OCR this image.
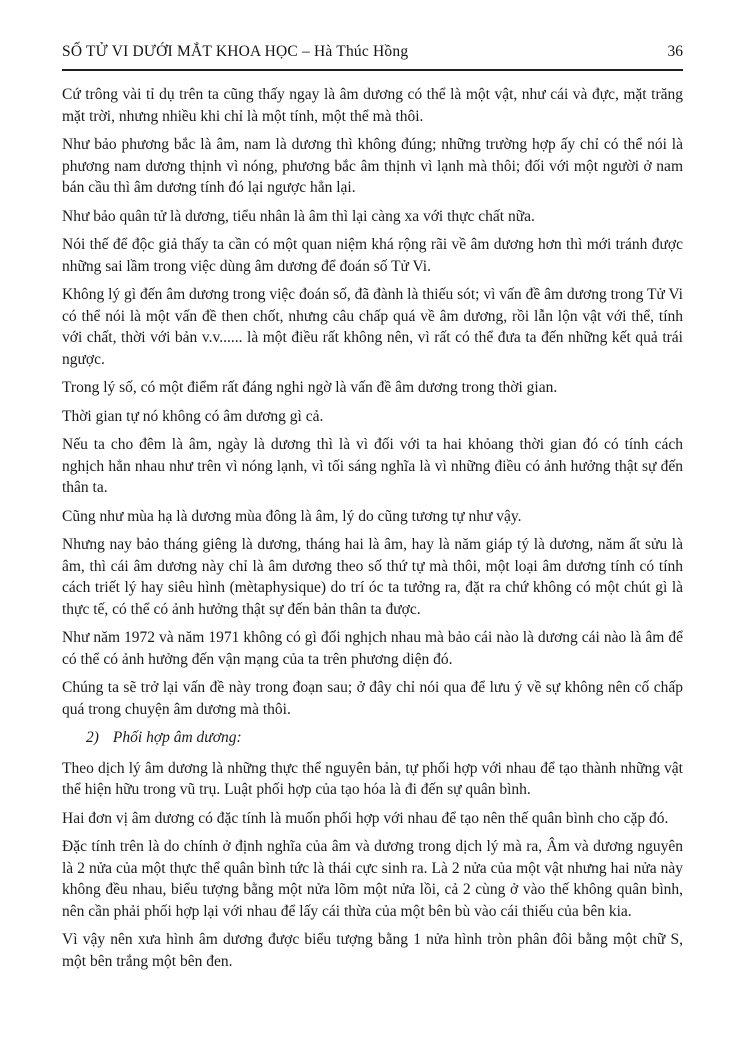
SỐ TỬ VI DƯỚI MẮT KHOA HỌC – Hà Thúc Hồng	36

Cứ trông vài tỉ dụ trên ta cũng thấy ngay là âm dương có thể là một vật, như cái và đực, mặt trăng mặt trời, nhưng nhiều khi chỉ là một tính, một thể mà thôi.

Như bảo phương bắc là âm, nam là dương thì không đúng; những trường hợp ấy chỉ có thể nói là phương nam dương thịnh vì nóng, phương bắc âm thịnh vì lạnh mà thôi; đối với một người ở nam bán cầu thì âm dương tính đó lại ngược hẳn lại.

Như bảo quân tử là dương, tiểu nhân là âm thì lại càng xa với thực chất nữa.

Nói thế để độc giả thấy ta cần có một quan niệm khá rộng rãi về âm dương hơn thì mới tránh được những sai lầm trong việc dùng âm dương để đoán số Tử Vi.

Không lý gì đến âm dương trong việc đoán số, đã đành là thiếu sót; vì vấn đề âm dương trong Tử Vi có thể nói là một vấn đề then chốt, nhưng câu chấp quá về âm dương, rồi lẫn lộn vật với thể, tính với chất, thời với bản v.v...... là một điều rất không nên, vì rất có thể đưa ta đến những kết quả trái ngược.

Trong lý số, có một điểm rất đáng nghi ngờ là vấn đề âm dương trong thời gian.

Thời gian tự nó không có âm dương gì cả.

Nếu ta cho đêm là âm, ngày là dương thì là vì đối với ta hai khỏang thời gian đó có tính cách nghịch hẳn nhau như trên vì nóng lạnh, vì tối sáng nghĩa là vì những điều có ảnh hưởng thật sự đến thân ta.

Cũng như mùa hạ là dương mùa đông là âm, lý do cũng tương tự như vậy.

Nhưng nay bảo tháng giêng là dương, tháng hai là âm, hay là năm giáp tý là dương, năm ất sửu là âm, thì cái âm dương này chỉ là âm dương theo số thứ tự mà thôi, một loại âm dương tính có tính cách triết lý hay siêu hình (mètaphysique) do trí óc ta tưởng ra, đặt ra chứ không có một chút gì là thực tế, có thể có ảnh hưởng thật sự đến bản thân ta được.

Như năm 1972 và năm 1971 không có gì đối nghịch nhau mà bảo cái nào là dương cái nào là âm để có thể có ảnh hưởng đến vận mạng của ta trên phương diện đó.

Chúng ta sẽ trở lại vấn đề này trong đoạn sau; ở đây chỉ nói qua để lưu ý về sự không nên cố chấp quá trong chuyện âm dương mà thôi.

2) Phối hợp âm dương:

Theo dịch lý âm dương là những thực thể nguyên bản, tự phối hợp với nhau để tạo thành những vật thể hiện hữu trong vũ trụ. Luật phối hợp của tạo hóa là đi đến sự quân bình.

Hai đơn vị âm dương có đặc tính là muốn phối hợp với nhau để tạo nên thế quân bình cho cặp đó.

Đặc tính trên là do chính ở định nghĩa của âm và dương trong dịch lý mà ra, Âm và dương nguyên là 2 nửa của một thực thể quân bình tức là thái cực sinh ra. Là 2 nửa của một vật nhưng hai nửa này không đều nhau, biểu tượng bằng một nửa lõm một nửa lồi, cả 2 cùng ở vào thế không quân bình, nên cần phải phối hợp lại với nhau để lấy cái thừa của một bên bù vào cái thiếu của bên kia.

Vì vậy nên xưa hình âm dương được biểu tượng bằng 1 nửa hình tròn phân đôi bằng một chữ S, một bên trắng một bên đen.
